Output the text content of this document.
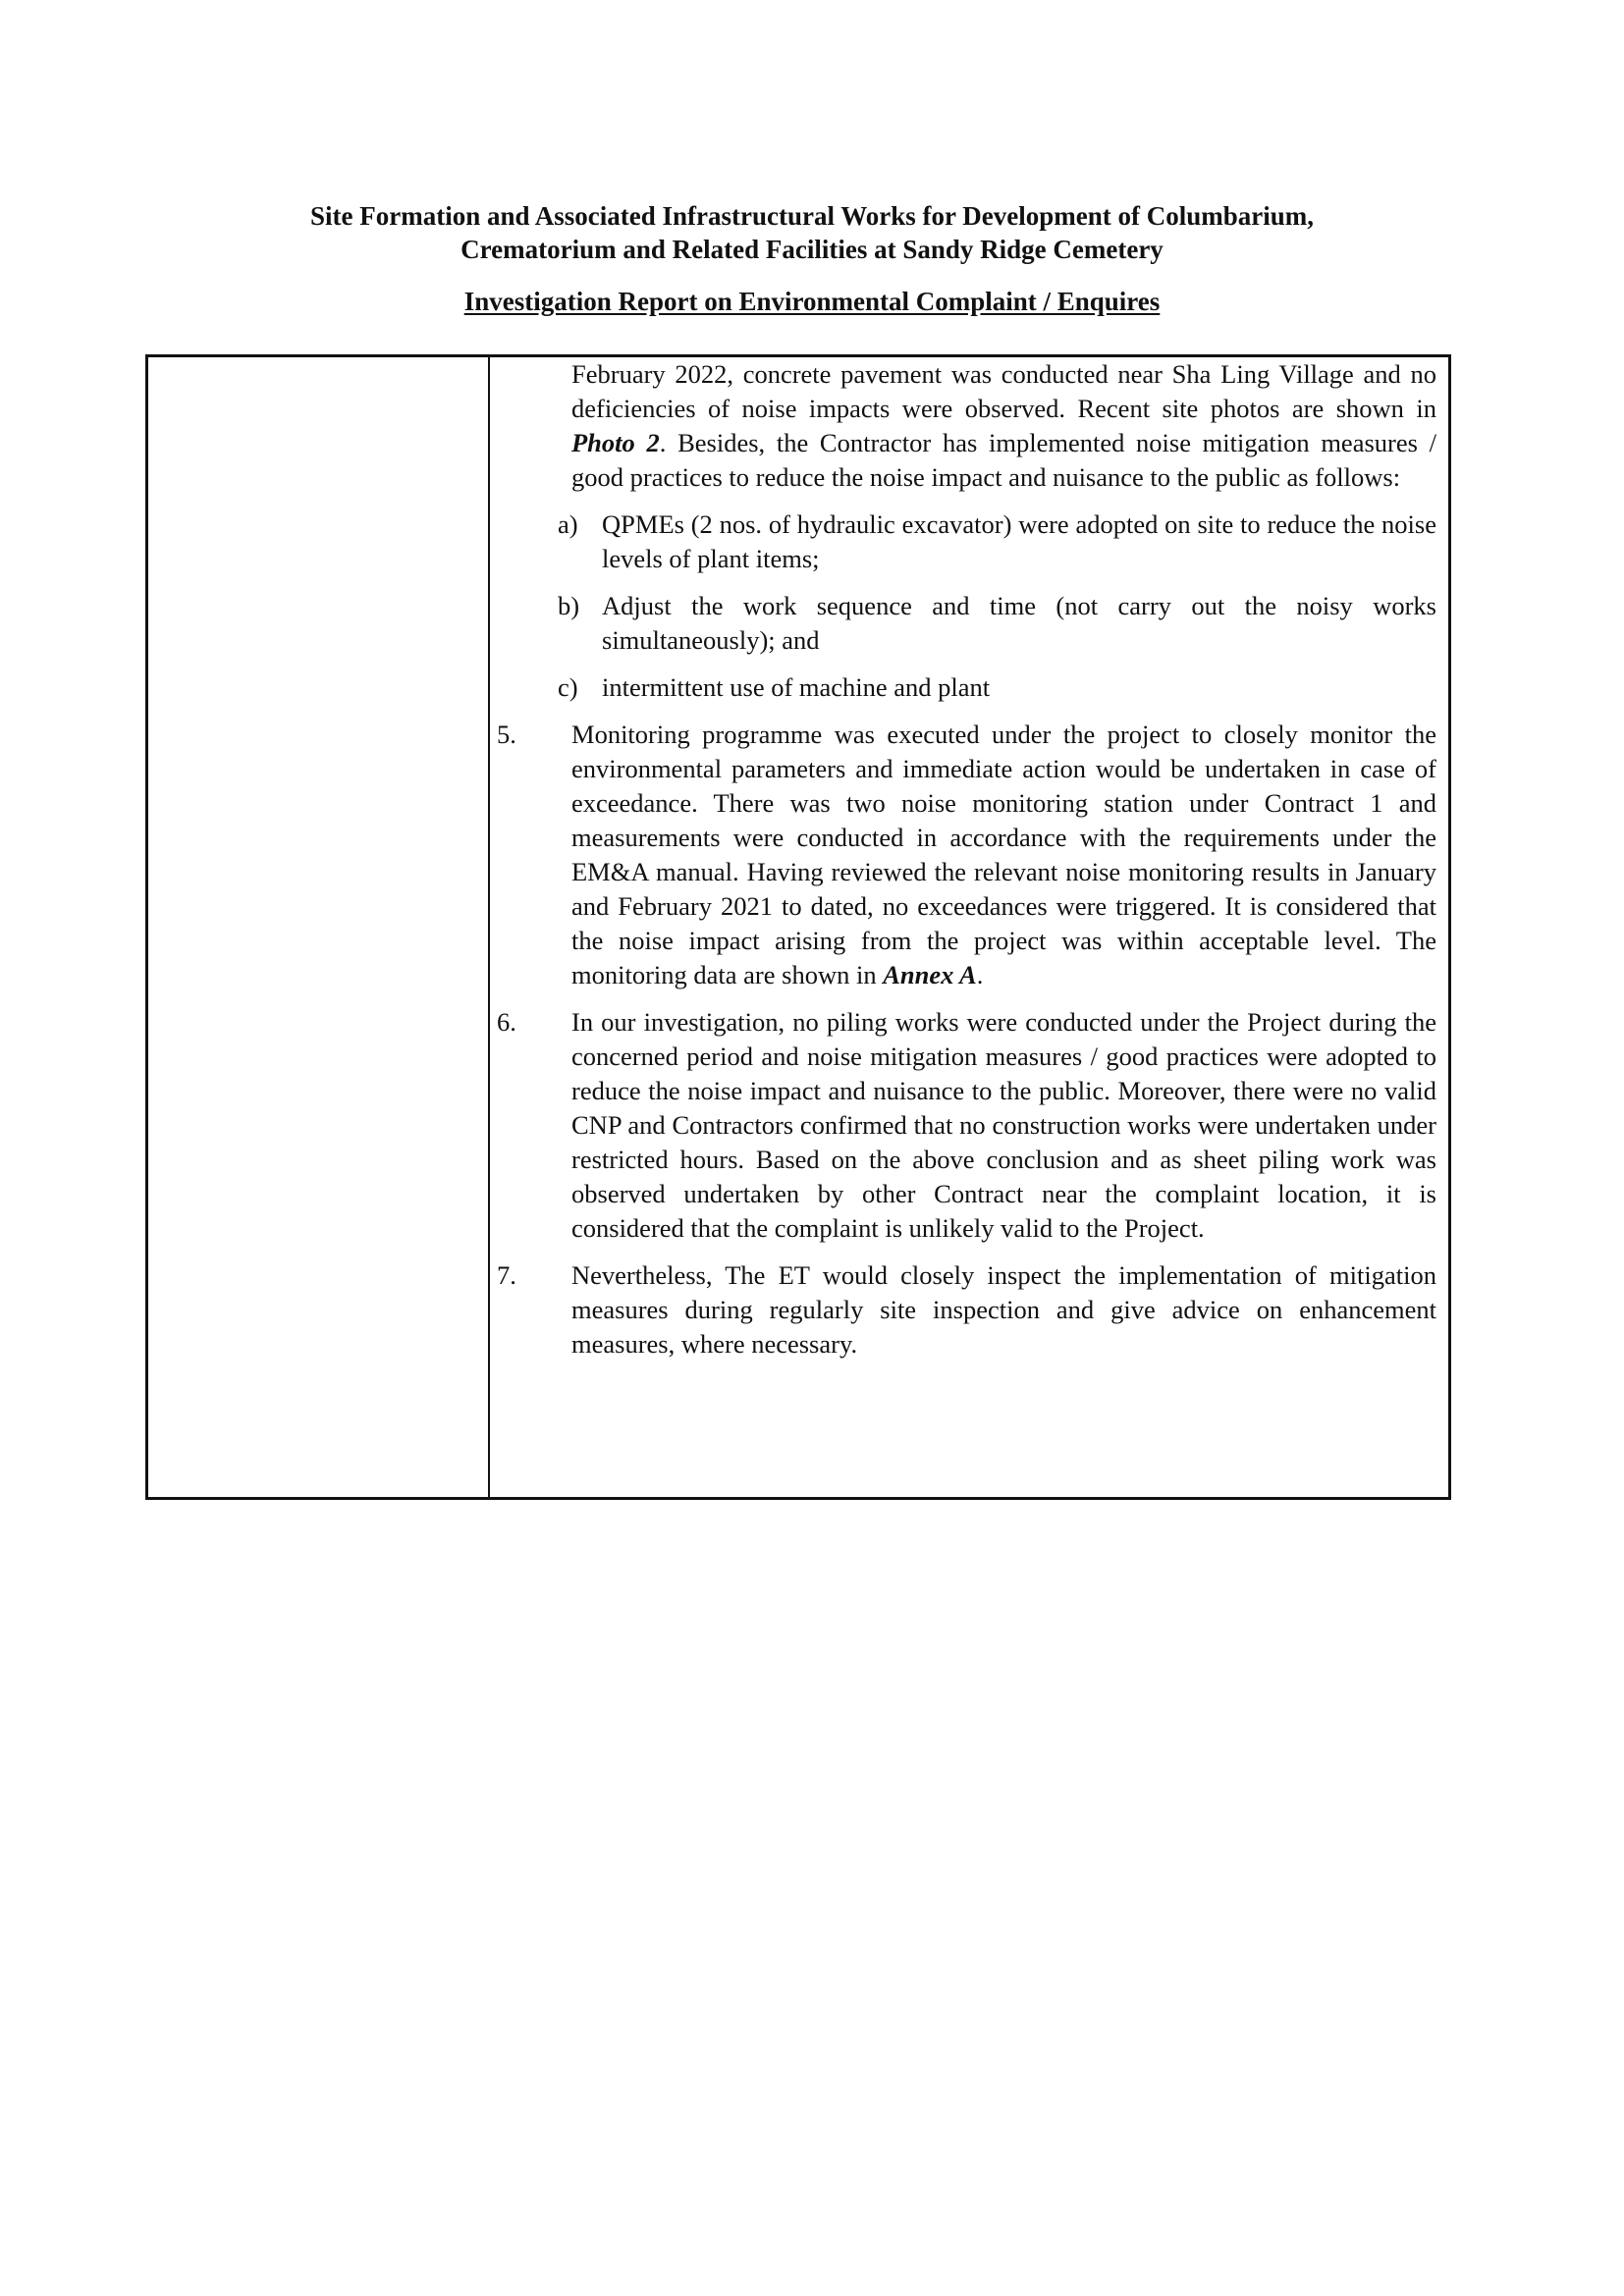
Site Formation and Associated Infrastructural Works for Development of Columbarium,
Crematorium and Related Facilities at Sandy Ridge Cemetery
Investigation Report on Environmental Complaint / Enquires

February 2022, concrete pavement was conducted near Sha Ling Village and no deficiencies of noise impacts were observed. Recent site photos are shown in Photo 2. Besides, the Contractor has implemented noise mitigation measures / good practices to reduce the noise impact and nuisance to the public as follows:

a) QPMEs (2 nos. of hydraulic excavator) were adopted on site to reduce the noise levels of plant items;

b) Adjust the work sequence and time (not carry out the noisy works simultaneously); and

c) intermittent use of machine and plant

5. Monitoring programme was executed under the project to closely monitor the environmental parameters and immediate action would be undertaken in case of exceedance. There was two noise monitoring station under Contract 1 and measurements were conducted in accordance with the requirements under the EM&A manual. Having reviewed the relevant noise monitoring results in January and February 2021 to dated, no exceedances were triggered. It is considered that the noise impact arising from the project was within acceptable level. The monitoring data are shown in Annex A.

6. In our investigation, no piling works were conducted under the Project during the concerned period and noise mitigation measures / good practices were adopted to reduce the noise impact and nuisance to the public. Moreover, there were no valid CNP and Contractors confirmed that no construction works were undertaken under restricted hours. Based on the above conclusion and as sheet piling work was observed undertaken by other Contract near the complaint location, it is considered that the complaint is unlikely valid to the Project.

7. Nevertheless, The ET would closely inspect the implementation of mitigation measures during regularly site inspection and give advice on enhancement measures, where necessary.
